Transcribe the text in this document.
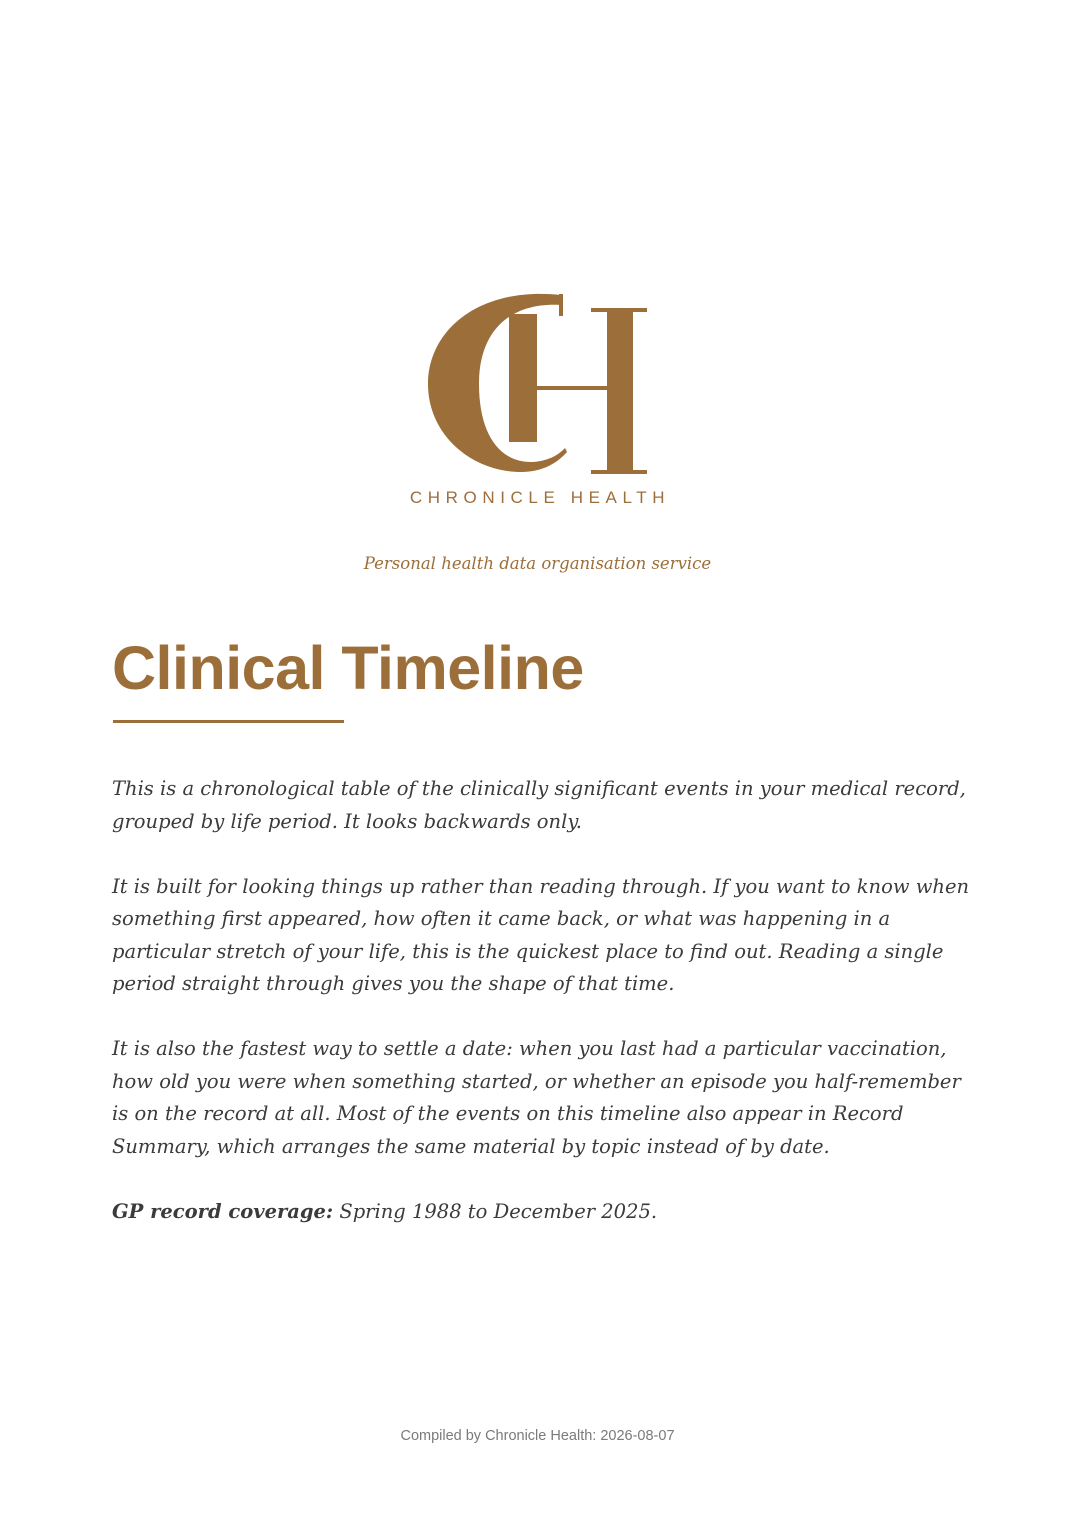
CHRONICLE HEALTH
Personal health data organisation service
Clinical Timeline

This is a chronological table of the clinically significant events in your medical record, grouped by life period. It looks backwards only.

It is built for looking things up rather than reading through. If you want to know when something first appeared, how often it came back, or what was happening in a particular stretch of your life, this is the quickest place to find out. Reading a single period straight through gives you the shape of that time.

It is also the fastest way to settle a date: when you last had a particular vaccination, how old you were when something started, or whether an episode you half-remember is on the record at all. Most of the events on this timeline also appear in Record Summary, which arranges the same material by topic instead of by date.

GP record coverage: Spring 1988 to December 2025.

Compiled by Chronicle Health: 2026-08-07
